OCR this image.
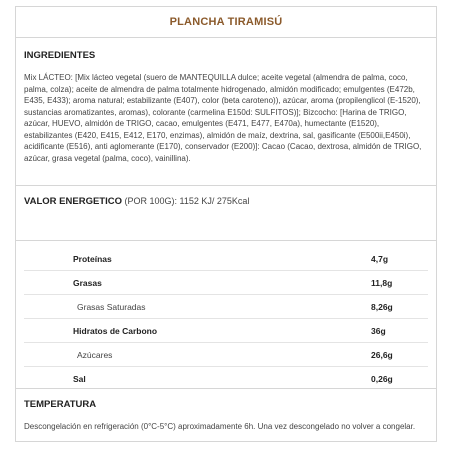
PLANCHA TIRAMISÚ
INGREDIENTES
Mix LÁCTEO: [Mix lácteo vegetal (suero de MANTEQUILLA dulce; aceite vegetal (almendra de palma, coco, palma, colza); aceite de almendra de palma totalmente hidrogenado, almidón modificado; emulgentes (E472b, E435, E433); aroma natural; estabilizante (E407), color (beta caroteno)), azúcar, aroma (propilenglicol (E-1520), sustancias aromatizantes, aromas), colorante (carmelina E150d: SULFITOS)]; Bizcocho: [Harina de TRIGO, azúcar, HUEVO, almidón de TRIGO, cacao, emulgentes (E471, E477, E470a), humectante (E1520), estabilizantes (E420, E415, E412, E170, enzimas), almidón de maíz, dextrina, sal, gasificante (E500ii,E450i), acidificante (E516), anti aglomerante (E170), conservador (E200)]: Cacao (Cacao, dextrosa, almidón de TRIGO, azúcar, grasa vegetal (palma, coco), vainillina).
VALOR ENERGETICO (POR 100G): 1152 KJ/ 275Kcal
Proteínas	4,7g
Grasas	11,8g
Grasas Saturadas	8,26g
Hidratos de Carbono	36g
Azúcares	26,6g
Sal	0,26g
TEMPERATURA
Descongelación en refrigeración (0°C-5°C) aproximadamente 6h. Una vez descongelado no volver a congelar.
